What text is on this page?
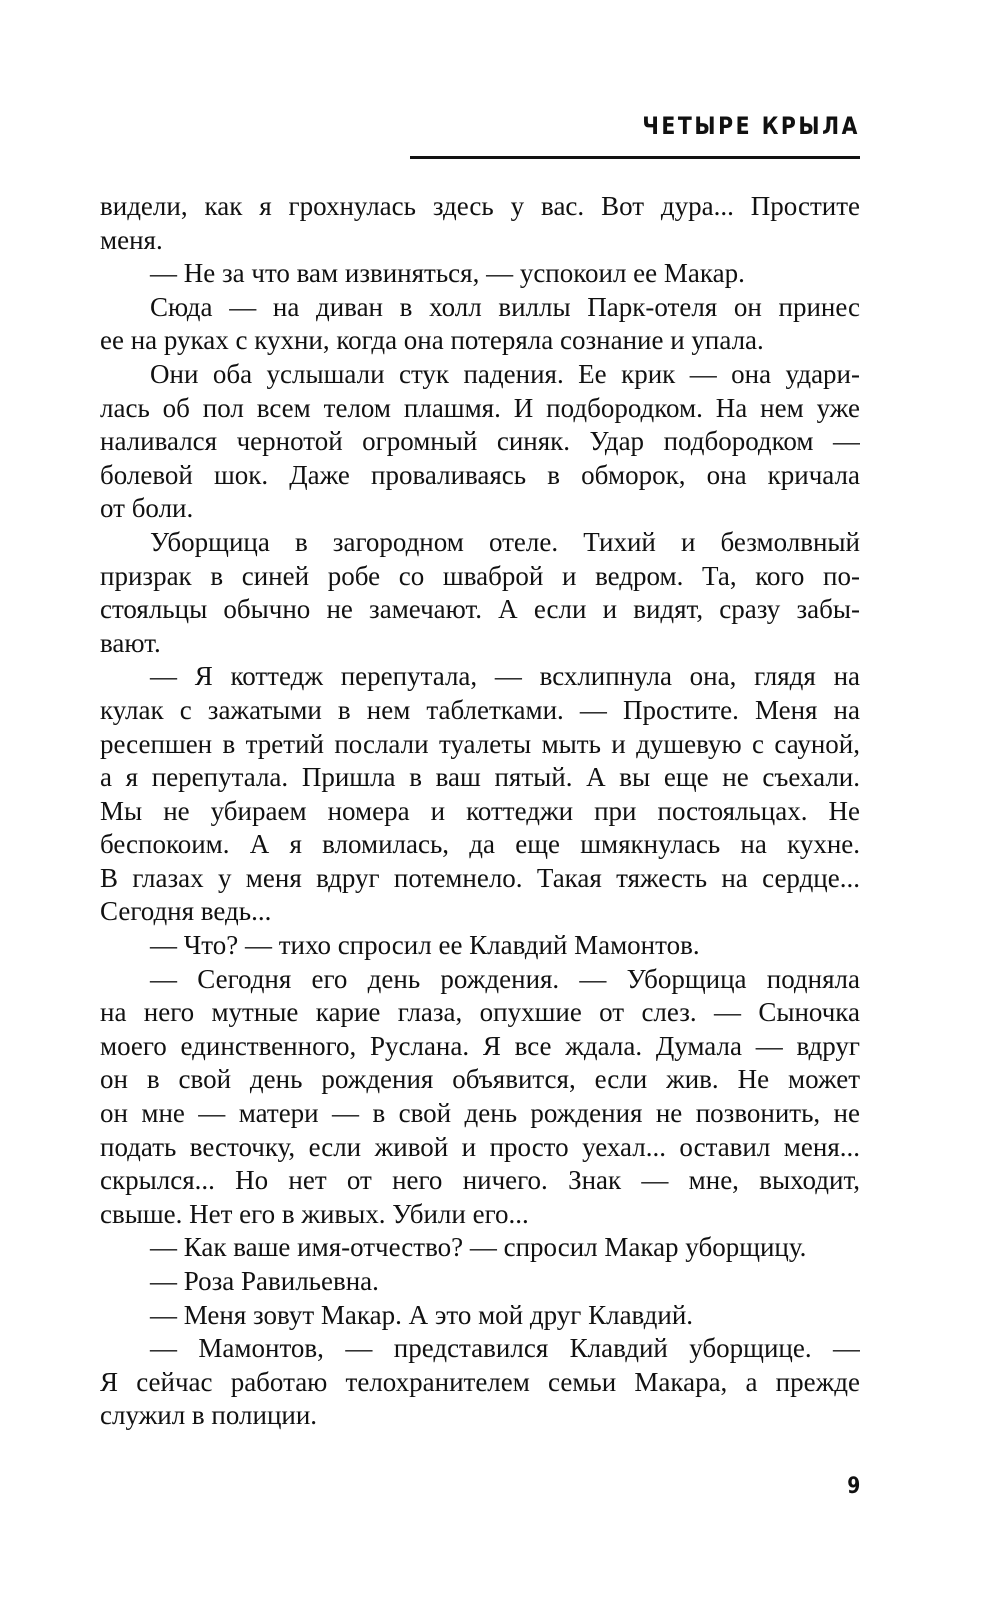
ЧЕТЫРЕ КРЫЛА
видели, как я грохнулась здесь у вас. Вот дура... Простите
меня.
— Не за что вам извиняться, — успокоил ее Макар.
Сюда — на диван в холл виллы Парк-отеля он принес
ее на руках с кухни, когда она потеряла сознание и упала.
Они оба услышали стук падения. Ее крик — она удари-
лась об пол всем телом плашмя. И подбородком. На нем уже
наливался чернотой огромный синяк. Удар подбородком —
болевой шок. Даже проваливаясь в обморок, она кричала
от боли.
Уборщица в загородном отеле. Тихий и безмолвный
призрак в синей робе со шваброй и ведром. Та, кого по-
стояльцы обычно не замечают. А если и видят, сразу забы-
вают.
— Я коттедж перепутала, — всхлипнула она, глядя на
кулак с зажатыми в нем таблетками. — Простите. Меня на
ресепшен в третий послали туалеты мыть и душевую с сауной,
а я перепутала. Пришла в ваш пятый. А вы еще не съехали.
Мы не убираем номера и коттеджи при постояльцах. Не
беспокоим. А я вломилась, да еще шмякнулась на кухне.
В глазах у меня вдруг потемнело. Такая тяжесть на сердце...
Сегодня ведь...
— Что? — тихо спросил ее Клавдий Мамонтов.
— Сегодня его день рождения. — Уборщица подняла
на него мутные карие глаза, опухшие от слез. — Сыночка
моего единственного, Руслана. Я все ждала. Думала — вдруг
он в свой день рождения объявится, если жив. Не может
он мне — матери — в свой день рождения не позвонить, не
подать весточку, если живой и просто уехал... оставил меня...
скрылся... Но нет от него ничего. Знак — мне, выходит,
свыше. Нет его в живых. Убили его...
— Как ваше имя-отчество? — спросил Макар уборщицу.
— Роза Равильевна.
— Меня зовут Макар. А это мой друг Клавдий.
— Мамонтов, — представился Клавдий уборщице. —
Я сейчас работаю телохранителем семьи Макара, а прежде
служил в полиции.
9
